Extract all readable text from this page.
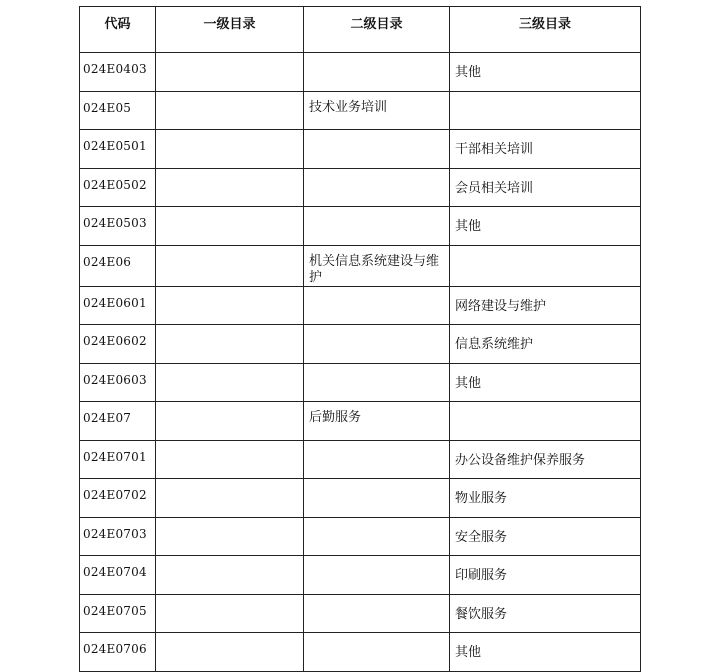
代码	一级目录	二级目录	三级目录
024E0403			其他
024E05		技术业务培训	
024E0501			干部相关培训
024E0502			会员相关培训
024E0503			其他
024E06		机关信息系统建设与维护	
024E0601			网络建设与维护
024E0602			信息系统维护
024E0603			其他
024E07		后勤服务	
024E0701			办公设备维护保养服务
024E0702			物业服务
024E0703			安全服务
024E0704			印刷服务
024E0705			餐饮服务
024E0706			其他
